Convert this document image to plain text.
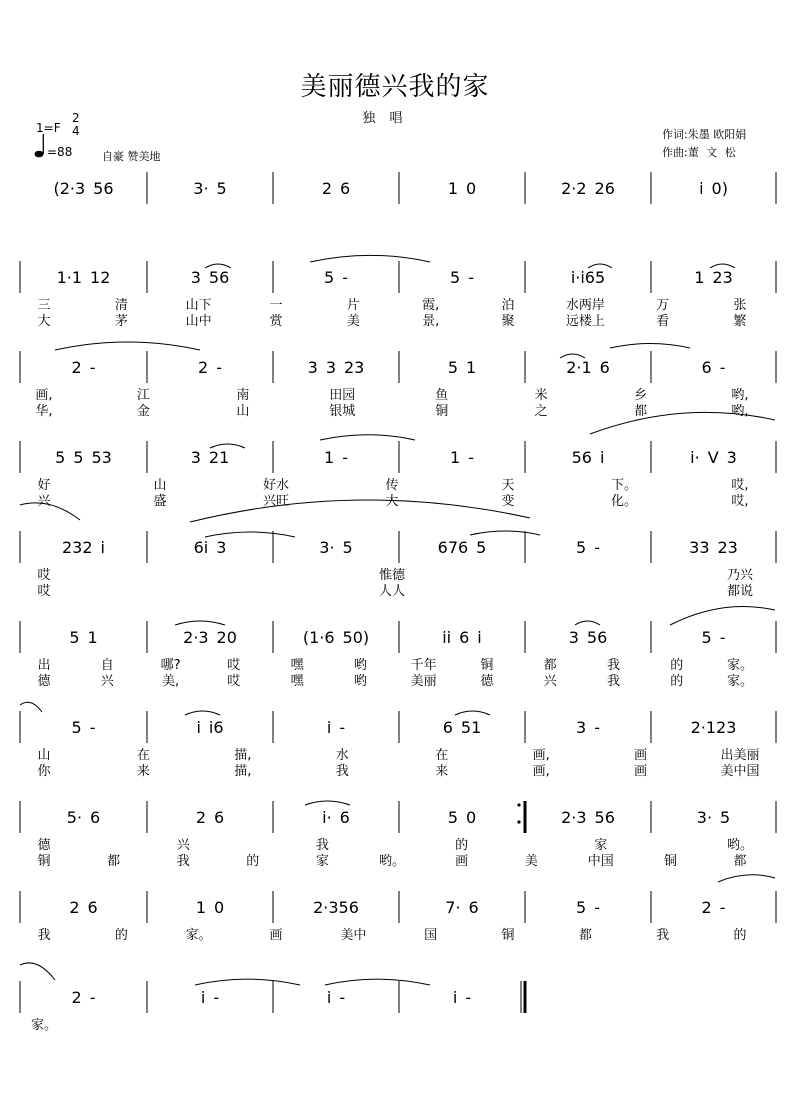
美丽德兴我的家
独 唱
1=F
2
4
=88	自豪 赞美地
作词:朱墨 欧阳娟
作曲:董 文 松
(2·3 56	3· 5	2 6	1 0	2·2 26	i 0)
1·1 12	3 56	5 -	5 -	i·i65	1 23
三	清	山下	一	片	霞,	泊	水两岸	万	张
大	茅	山中	赏	美	景,	聚	远楼上	看	繁
2 -	2 -	3 3 23	5 1	2·1 6	6 -
画,	江	南	田园	鱼	米	乡	哟,
华,	金	山	银城	铜	之	都	哟,
5 5 53	3 21	1 -	1 -	56 i	i· V 3
好	山	好水	传	天	下。	哎,
兴	盛	兴旺	大	变	化。	哎,
232 i	6i 3	3· 5	676 5	5 -	33 23
哎	惟德	乃兴
哎	人人	都说
5 1	2·3 20	(1·6 50)	ii 6 i	3 56	5 -
出	自	哪?	哎	嘿	哟	千年	铜	都	我	的	家。
德	兴	美,	哎	嘿	哟	美丽	德	兴	我	的	家。
5 -	i i6	i -	6 51	3 -	2·123
山	在	描,	水	在	画,	画	出美丽
你	来	描,	我	来	画,	画	美中国
5· 6	2 6	i· 6	5 0	2·3 56	3· 5
德	兴	我	的	家	哟。
铜	都	我	的	家	哟。	画	美	中国	铜	都
2 6	1 0	2·356	7· 6	5 -	2 -
我	的	家。	画	美中	国	铜	都	我	的
2 -	i -	i -	i -
家。
